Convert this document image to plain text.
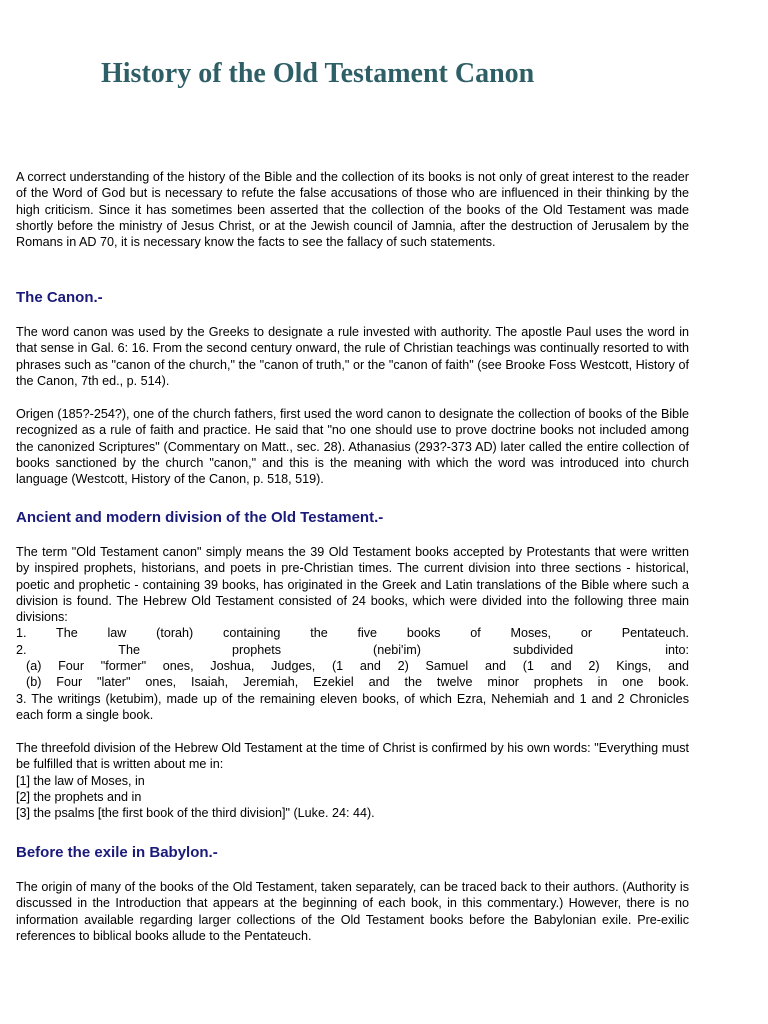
History of the Old Testament Canon

A correct understanding of the history of the Bible and the collection of its books is not only of great interest to the reader of the Word of God but is necessary to refute the false accusations of those who are influenced in their thinking by the high criticism. Since it has sometimes been asserted that the collection of the books of the Old Testament was made shortly before the ministry of Jesus Christ, or at the Jewish council of Jamnia, after the destruction of Jerusalem by the Romans in AD 70, it is necessary know the facts to see the fallacy of such statements.

The Canon.-

The word canon was used by the Greeks to designate a rule invested with authority. The apostle Paul uses the word in that sense in Gal. 6: 16. From the second century onward, the rule of Christian teachings was continually resorted to with phrases such as "canon of the church," the "canon of truth," or the "canon of faith" (see Brooke Foss Westcott, History of the Canon, 7th ed., p. 514).

Origen (185?-254?), one of the church fathers, first used the word canon to designate the collection of books of the Bible recognized as a rule of faith and practice. He said that "no one should use to prove doctrine books not included among the canonized Scriptures" (Commentary on Matt., sec. 28). Athanasius (293?-373 AD) later called the entire collection of books sanctioned by the church "canon," and this is the meaning with which the word was introduced into church language (Westcott, History of the Canon, p. 518, 519).

Ancient and modern division of the Old Testament.-

The term "Old Testament canon" simply means the 39 Old Testament books accepted by Protestants that were written by inspired prophets, historians, and poets in pre-Christian times. The current division into three sections - historical, poetic and prophetic - containing 39 books, has originated in the Greek and Latin translations of the Bible where such a division is found. The Hebrew Old Testament consisted of 24 books, which were divided into the following three main divisions:

1. The law (torah) containing the five books of Moses, or Pentateuch.
2. The prophets (nebi'im) subdivided into:
(a) Four "former" ones, Joshua, Judges, (1 and 2) Samuel and (1 and 2) Kings, and
(b) Four "later" ones, Isaiah, Jeremiah, Ezekiel and the twelve minor prophets in one book.

3. The writings (ketubim), made up of the remaining eleven books, of which Ezra, Nehemiah and 1 and 2 Chronicles each form a single book.

The threefold division of the Hebrew Old Testament at the time of Christ is confirmed by his own words: "Everything must be fulfilled that is written about me in:

[1] the law of Moses, in
[2] the prophets and in
[3] the psalms [the first book of the third division]" (Luke. 24: 44).

Before the exile in Babylon.-

The origin of many of the books of the Old Testament, taken separately, can be traced back to their authors. (Authority is discussed in the Introduction that appears at the beginning of each book, in this commentary.) However, there is no information available regarding larger collections of the Old Testament books before the Babylonian exile. Pre-exilic references to biblical books allude to the Pentateuch.
